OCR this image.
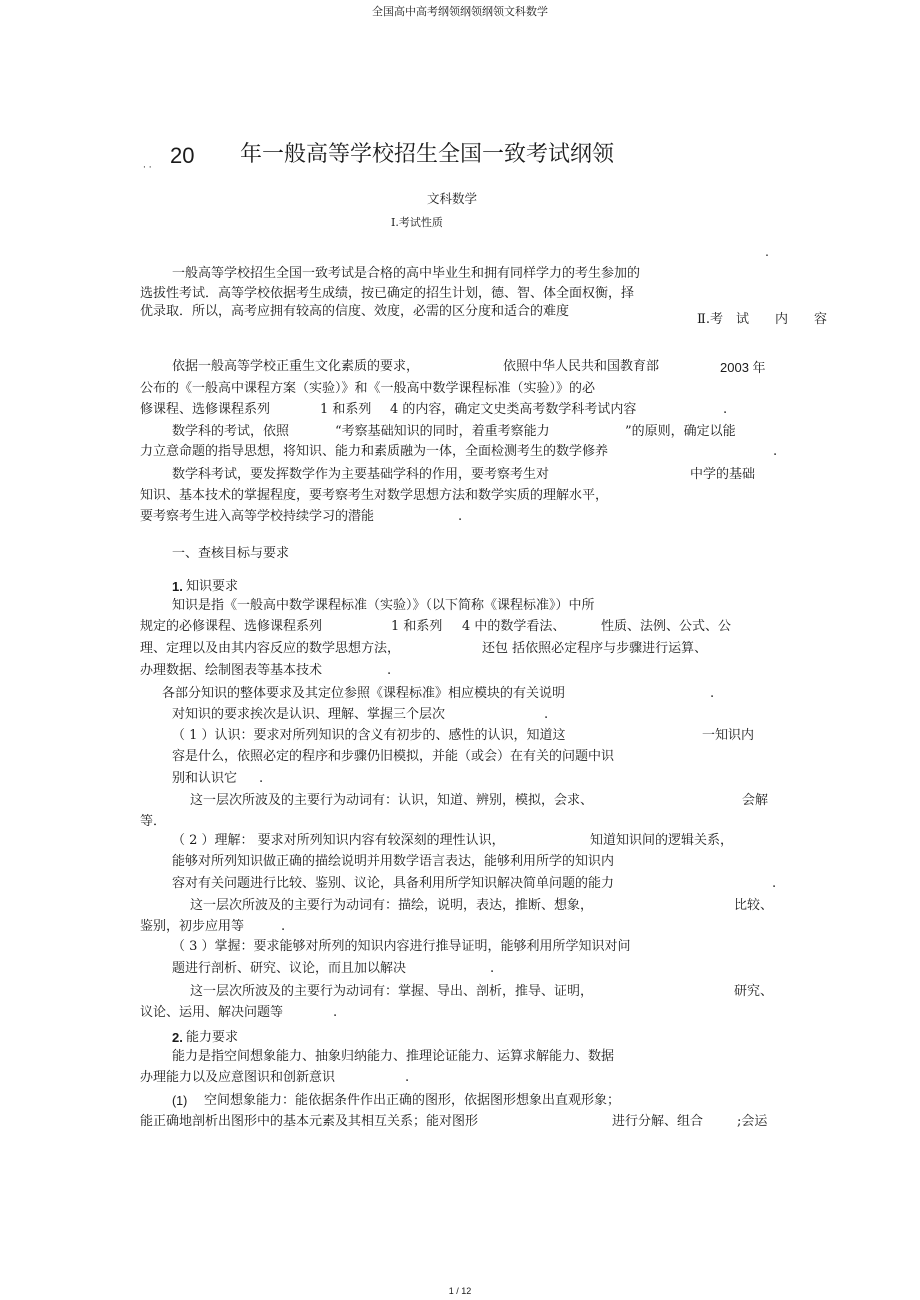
全国高中高考纲领纲领纲领文科数学
· · 20 年一般高等学校招生全国一致考试纲领
文科数学
Ⅰ.考试性质
.
一般高等学校招生全国一致考试是合格的高中毕业生和拥有同样学力的考生参加的
选拔性考试．高等学校依据考生成绩，按已确定的招生计划，德、智、体全面权衡，择
优录取．所以，高考应拥有较高的信度、效度，必需的区分度和适合的难度
Ⅱ.考　试　　内　　容
依据一般高等学校正重生文化素质的要求，	依照中华人民共和国教育部	2003 年
公布的《一般高中课程方案（实验）》和《一般高中数学课程标准（实验）》的必
修课程、选修课程系列	1 和系列 4 的内容，确定文史类高考数学科考试内容	.
数学科的考试，依照	“考察基础知识的同时，着重考察能力	”的原则，确定以能
力立意命题的指导思想，将知识、能力和素质融为一体，全面检测考生的数学修养	.
数学科考试，要发挥数学作为主要基础学科的作用，要考察考生对	中学的基础
知识、基本技术的掌握程度，要考察考生对数学思想方法和数学实质的理解水平，
要考察考生进入高等学校持续学习的潜能	.
一、查核目标与要求
1. 知识要求
知识是指《一般高中数学课程标准（实验）》（以下简称《课程标准》）中所
规定的必修课程、选修课程系列	1 和系列 4 中的数学看法、	性质、法例、公式、公
理、定理以及由其内容反应的数学思想方法，	还包 括依照必定程序与步骤进行运算、
办理数据、绘制图表等基本技术	.
各部分知识的整体要求及其定位参照《课程标准》相应模块的有关说明	.
对知识的要求挨次是认识、理解、掌握三个层次	.
（ 1 ）认识：要求对所列知识的含义有初步的、感性的认识，知道这	一知识内
容是什么，依照必定的程序和步骤仍旧模拟，并能（或会）在有关的问题中识
别和认识它 .
这一层次所波及的主要行为动词有：认识，知道、辨别，模拟，会求、	会解
等．
（ 2 ）理解： 要求对所列知识内容有较深刻的理性认识，	知道知识间的逻辑关系，
能够对所列知识做正确的描绘说明并用数学语言表达，能够利用所学的知识内
容对有关问题进行比较、鉴别、议论，具备利用所学知识解决简单问题的能力	.
这一层次所波及的主要行为动词有：描绘，说明，表达，推断、想象，	比较、
鉴别，初步应用等	.
（ 3 ）掌握：要求能够对所列的知识内容进行推导证明，能够利用所学知识对问
题进行剖析、研究、议论，而且加以解决	.
这一层次所波及的主要行为动词有：掌握、导出、剖析，推导、证明，	研究、
议论、运用、解决问题等	.
2. 能力要求
能力是指空间想象能力、抽象归纳能力、推理论证能力、运算求解能力、数据
办理能力以及应意图识和创新意识	.
(1) 空间想象能力：能依据条件作出正确的图形，依据图形想象出直观形象；
能正确地剖析出图形中的基本元素及其相互关系；能对图形	进行分解、组合	;会运
1 / 12
